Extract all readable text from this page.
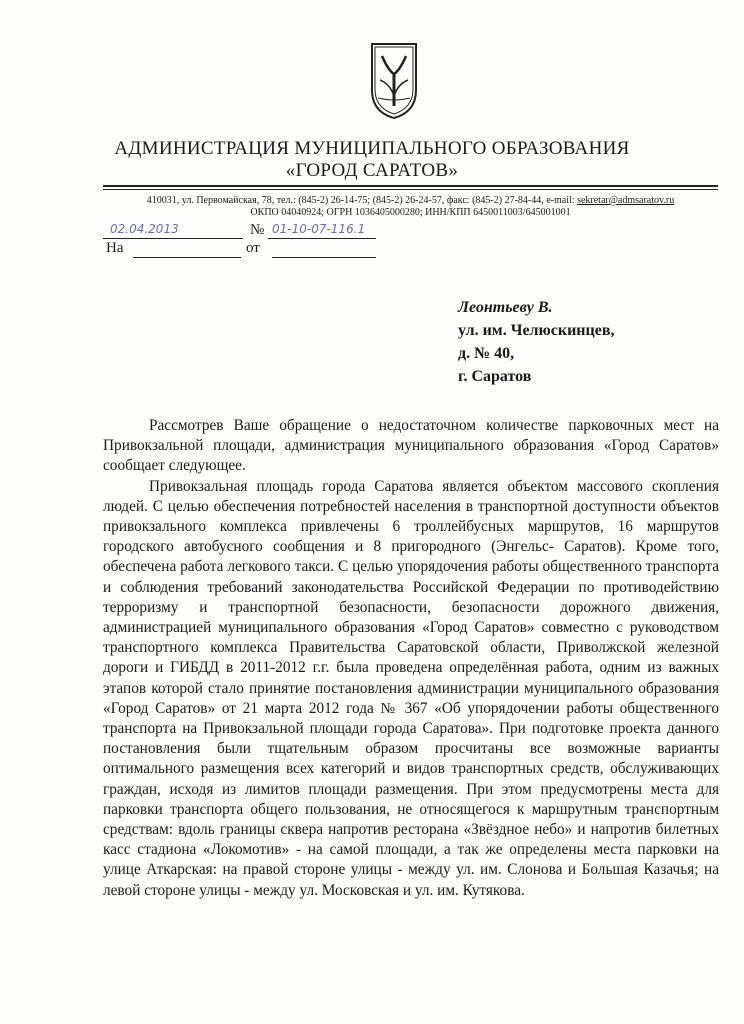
АДМИНИСТРАЦИЯ МУНИЦИПАЛЬНОГО ОБРАЗОВАНИЯ
«ГОРОД САРАТОВ»
410031, ул. Первомайская, 78, тел.: (845-2) 26-14-75; (845-2) 26-24-57, факс: (845-2) 27-84-44, e-mail: sekretar@admsaratov.ru
ОКПО 04040924; ОГРН 1036405000280; ИНН/КПП 6450011003/645001001
02.04.2013	№ 01-10-07-116.1
На	от
Леонтьеву В.
ул. им. Челюскинцев,
д. № 40,
г. Саратов

Рассмотрев Ваше обращение о недостаточном количестве парковочных мест на Привокзальной площади, администрация муниципального образования «Город Саратов» сообщает следующее.

Привокзальная площадь города Саратова является объектом массового скопления людей. С целью обеспечения потребностей населения в транспортной доступности объектов привокзального комплекса привлечены 6 троллейбусных маршрутов, 16 маршрутов городского автобусного сообщения и 8 пригородного (Энгельс- Саратов). Кроме того, обеспечена работа легкового такси. С целью упорядочения работы общественного транспорта и соблюдения требований законодательства Российской Федерации по противодействию терроризму и транспортной безопасности, безопасности дорожного движения, администрацией муниципального образования «Город Саратов» совместно с руководством транспортного комплекса Правительства Саратовской области, Приволжской железной дороги и ГИБДД в 2011-2012 г.г. была проведена определённая работа, одним из важных этапов которой стало принятие постановления администрации муниципального образования «Город Саратов» от 21 марта 2012 года № 367 «Об упорядочении работы общественного транспорта на Привокзальной площади города Саратова». При подготовке проекта данного постановления были тщательным образом просчитаны все возможные варианты оптимального размещения всех категорий и видов транспортных средств, обслуживающих граждан, исходя из лимитов площади размещения. При этом предусмотрены места для парковки транспорта общего пользования, не относящегося к маршрутным транспортным средствам: вдоль границы сквера напротив ресторана «Звёздное небо» и напротив билетных касс стадиона «Локомотив» - на самой площади, а так же определены места парковки на улице Аткарская: на правой стороне улицы - между ул. им. Слонова и Большая Казачья; на левой стороне улицы - между ул. Московская и ул. им. Кутякова.
